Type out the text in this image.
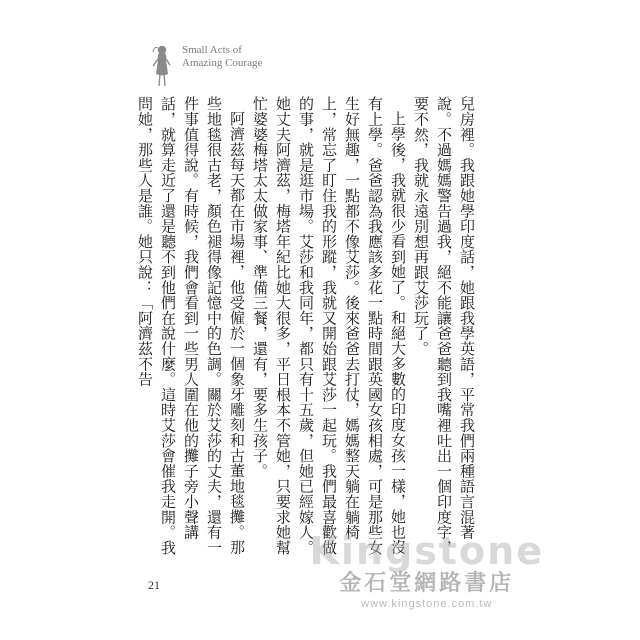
Small Acts of
Amazing Courage

兒房裡。我跟她學印度話，她跟我學英語，平常我們兩種語言混著說。不過媽媽警告過我，絕不能讓爸爸聽到我嘴裡吐出一個印度字，要不然，我就永遠別想再跟艾莎玩了。

上學後，我就很少看到她了。和絕大多數的印度女孩一樣，她也沒有上學。爸爸認為我應該多花一點時間跟英國女孩相處，可是那些女生好無趣，一點都不像艾莎。後來爸爸去打仗，媽媽整天躺在躺椅上，常忘了盯住我的形蹤，我就又開始跟艾莎一起玩。我們最喜歡做的事，就是逛市場。艾莎和我同年，都只有十五歲，但她已經嫁人。她丈夫阿濟茲，梅塔年紀比她大很多，平日根本不管她，只要求她幫忙婆婆梅塔太太做家事、準備三餐，還有，要多生孩子。

阿濟茲每天都在市場裡，他受僱於一個象牙雕刻和古董地毯攤。那些地毯很古老，顏色褪得像記憶中的色調。關於艾莎的丈夫，還有一件事值得說。有時候，我們會看到一些男人圍在他的攤子旁小聲講話，就算走近了還是聽不到他們在說什麼。這時艾莎會催我走開。我問她，那些人是誰。她只說：「阿濟茲不告

21
Kingstone
金石堂網路書店
www.kingstone.com.tw
